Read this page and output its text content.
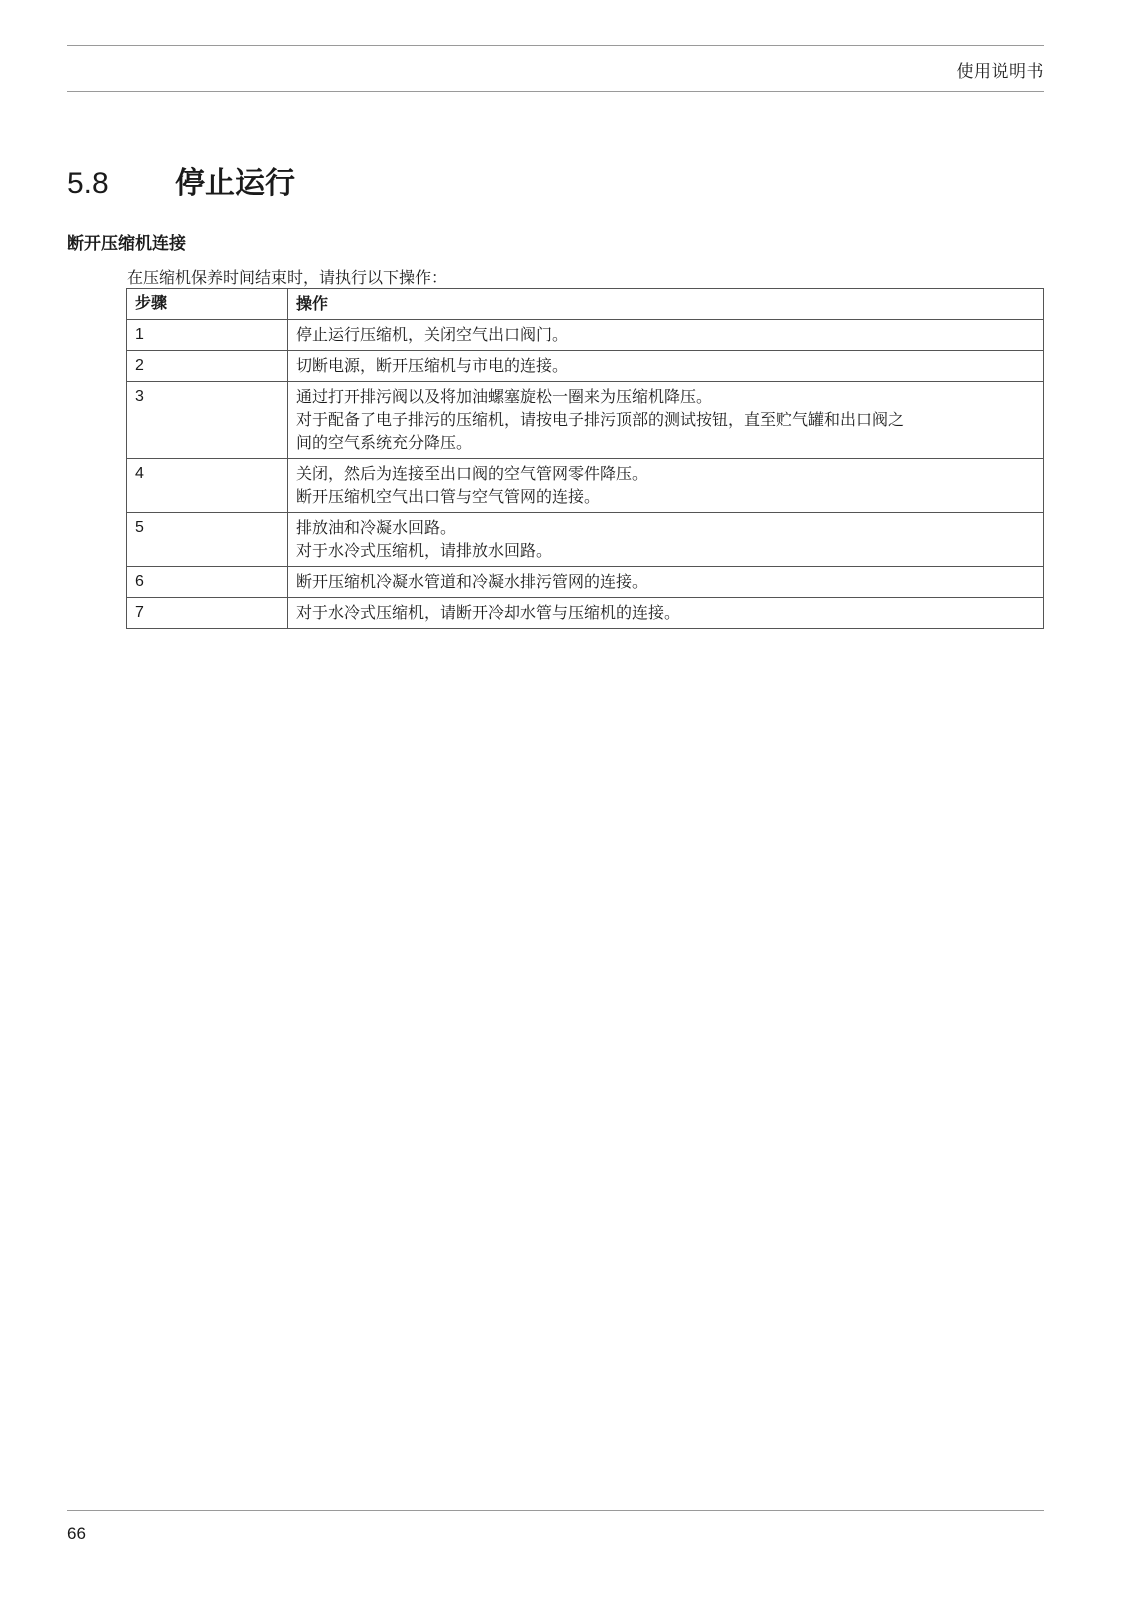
使用说明书
5.8 停止运行
断开压缩机连接
在压缩机保养时间结束时，请执行以下操作：
步骤	操作
1	停止运行压缩机，关闭空气出口阀门。

2	切断电源，断开压缩机与市电的连接。

3	通过打开排污阀以及将加油螺塞旋松一圈来为压缩机降压。
对于配备了电子排污的压缩机，请按电子排污顶部的测试按钮，直至贮气罐和出口阀之
间的空气系统充分降压。

4	关闭，然后为连接至出口阀的空气管网零件降压。
断开压缩机空气出口管与空气管网的连接。

5	排放油和冷凝水回路。
对于水冷式压缩机，请排放水回路。

6	断开压缩机冷凝水管道和冷凝水排污管网的连接。

7	对于水冷式压缩机，请断开冷却水管与压缩机的连接。
66
